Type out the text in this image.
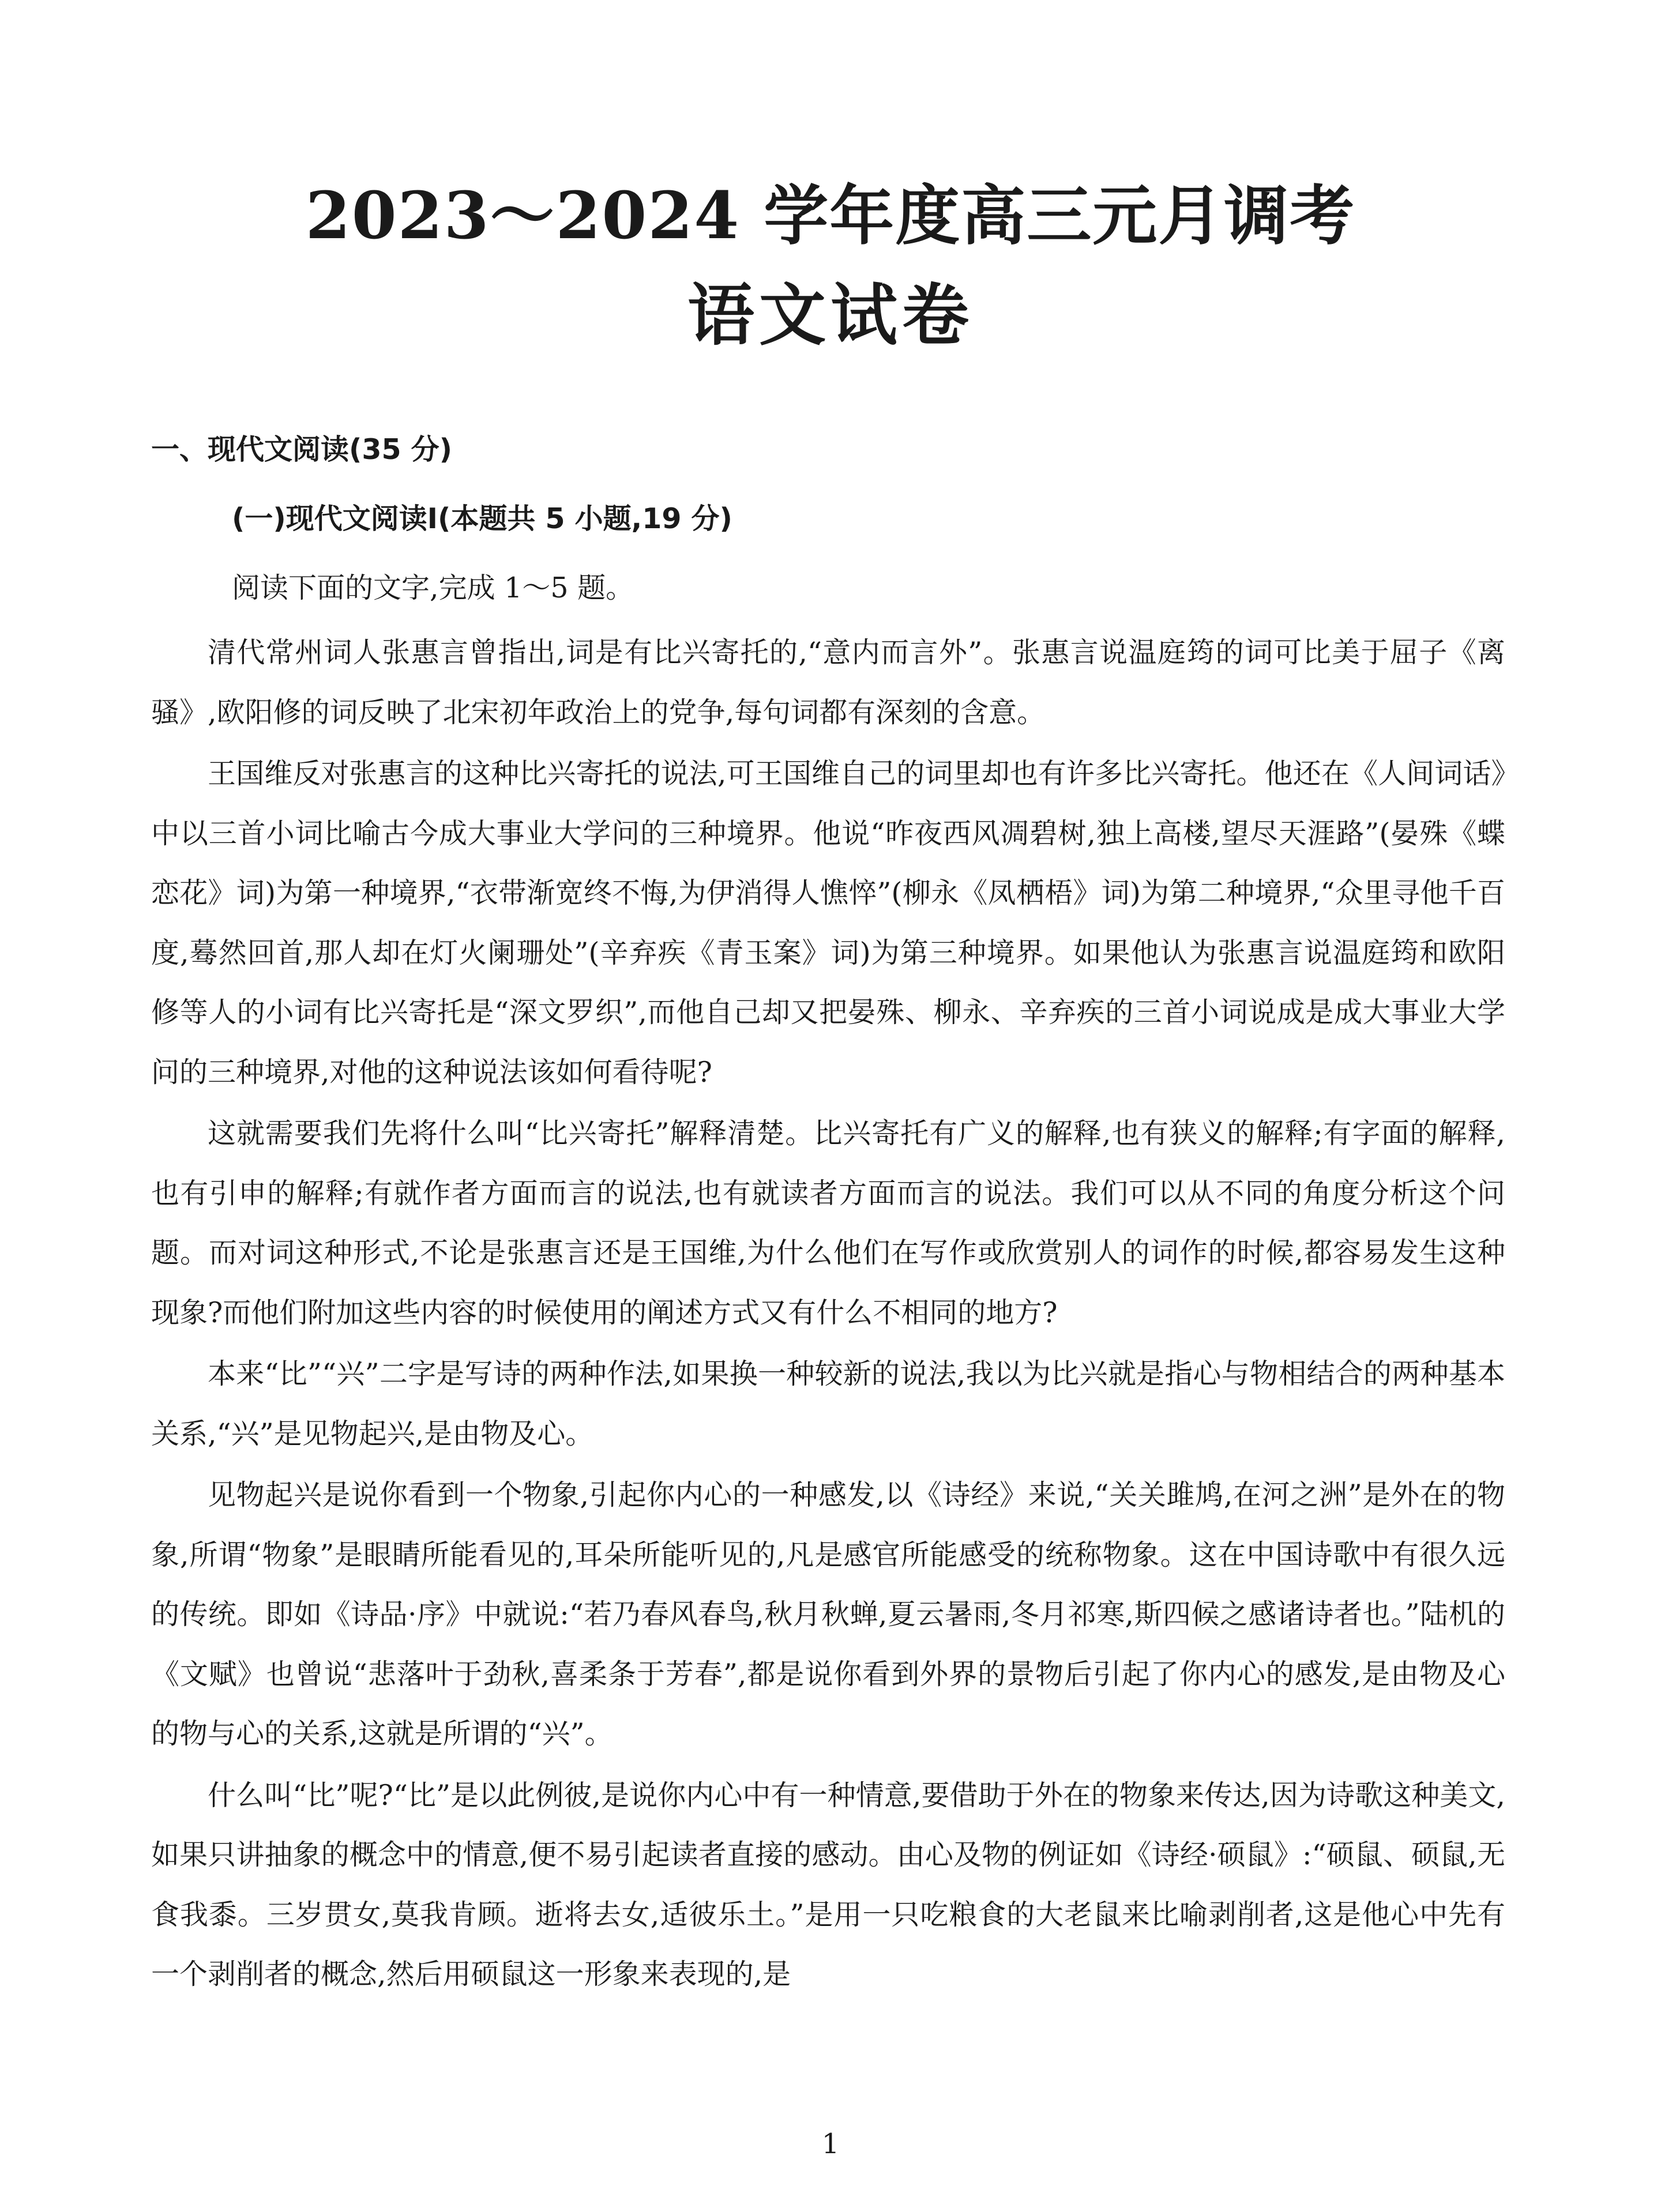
2023～2024 学年度高三元月调考

语文试卷

一、现代文阅读(35 分)

(一)现代文阅读Ⅰ(本题共 5 小题,19 分)

阅读下面的文字,完成 1～5 题。

清代常州词人张惠言曾指出,词是有比兴寄托的,“意内而言外”。张惠言说温庭筠的词可比美于屈子《离骚》,欧阳修的词反映了北宋初年政治上的党争,每句词都有深刻的含意。

王国维反对张惠言的这种比兴寄托的说法,可王国维自己的词里却也有许多比兴寄托。他还在《人间词话》中以三首小词比喻古今成大事业大学问的三种境界。他说“昨夜西风凋碧树,独上高楼,望尽天涯路”(晏殊《蝶恋花》词)为第一种境界,“衣带渐宽终不悔,为伊消得人憔悴”(柳永《凤栖梧》词)为第二种境界,“众里寻他千百度,蓦然回首,那人却在灯火阑珊处”(辛弃疾《青玉案》词)为第三种境界。如果他认为张惠言说温庭筠和欧阳修等人的小词有比兴寄托是“深文罗织”,而他自己却又把晏殊、柳永、辛弃疾的三首小词说成是成大事业大学问的三种境界,对他的这种说法该如何看待呢?

这就需要我们先将什么叫“比兴寄托”解释清楚。比兴寄托有广义的解释,也有狭义的解释;有字面的解释,也有引申的解释;有就作者方面而言的说法,也有就读者方面而言的说法。我们可以从不同的角度分析这个问题。而对词这种形式,不论是张惠言还是王国维,为什么他们在写作或欣赏别人的词作的时候,都容易发生这种现象?而他们附加这些内容的时候使用的阐述方式又有什么不相同的地方?

本来“比”“兴”二字是写诗的两种作法,如果换一种较新的说法,我以为比兴就是指心与物相结合的两种基本关系,“兴”是见物起兴,是由物及心。

见物起兴是说你看到一个物象,引起你内心的一种感发,以《诗经》来说,“关关雎鸠,在河之洲”是外在的物象,所谓“物象”是眼睛所能看见的,耳朵所能听见的,凡是感官所能感受的统称物象。这在中国诗歌中有很久远的传统。即如《诗品·序》中就说:“若乃春风春鸟,秋月秋蝉,夏云暑雨,冬月祁寒,斯四候之感诸诗者也。”陆机的《文赋》也曾说“悲落叶于劲秋,喜柔条于芳春”,都是说你看到外界的景物后引起了你内心的感发,是由物及心的物与心的关系,这就是所谓的“兴”。

什么叫“比”呢?“比”是以此例彼,是说你内心中有一种情意,要借助于外在的物象来传达,因为诗歌这种美文,如果只讲抽象的概念中的情意,便不易引起读者直接的感动。由心及物的例证如《诗经·硕鼠》:“硕鼠、硕鼠,无食我黍。三岁贯女,莫我肯顾。逝将去女,适彼乐土。”是用一只吃粮食的大老鼠来比喻剥削者,这是他心中先有一个剥削者的概念,然后用硕鼠这一形象来表现的,是

1
